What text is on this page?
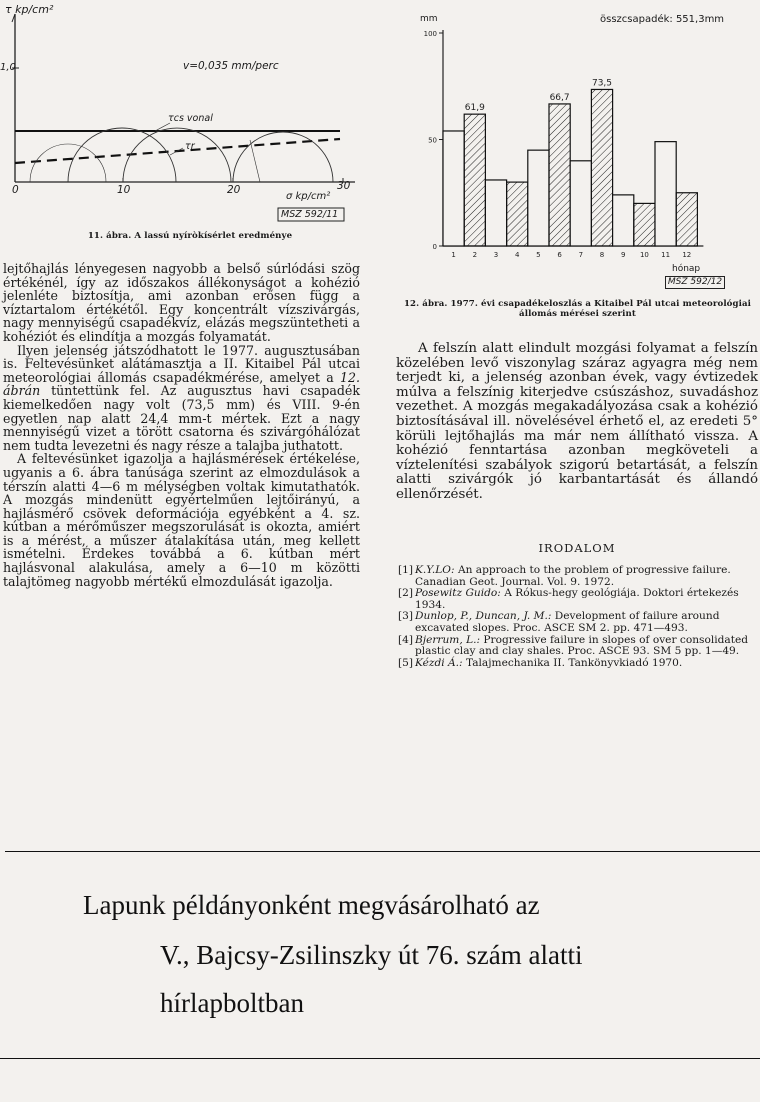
τ kp/cm²
1,0	v=0,035 mm/perc
τcs vonal
τr
0	10	20	30
σ kp/cm²
MSZ 592/11
11. ábra. A lassú nyíròkísérlet eredménye
0
50
100
1 2
61,9
3 4 5 6
66,7
7 8
73,5
9 10 11 12
összcsapadék: 551,3mm
mm
hónap
MSZ 592/12
12. ábra. 1977. évi csapadékeloszlás a Kitaibel Pál utcai meteorológiai
állomás mérései szerint

lejtőhajlás lényegesen nagyobb a belső súrlódási szög értékénél, így az időszakos állékonyságot a kohézió jelenléte biztosítja, ami azonban erősen függ a víztartalom értékétől. Egy koncentrált vízszivárgás, nagy mennyiségű csapadékvíz, elázás megszüntetheti a kohéziót és elindítja a mozgás folyamatát.

Ilyen jelenség játszódhatott le 1977. augusztusában is. Feltevésünket alátámasztja a II. Kitaibel Pál utcai meteorológiai állomás csapadékmérése, amelyet a 12. ábrán tüntettünk fel. Az augusztus havi csapadék kiemelkedően nagy volt (73,5 mm) és VIII. 9-én egyetlen nap alatt 24,4 mm-t mértek. Ezt a nagy mennyiségű vizet a törött csatorna és szivárgóhálózat nem tudta levezetni és nagy része a talajba juthatott.

A feltevésünket igazolja a hajlásmérések értékelése, ugyanis a 6. ábra tanúsága szerint az elmozdulások a térszín alatti 4—6 m mélységben voltak kimutathatók. A mozgás mindenütt egyértelműen lejtőirányú, a hajlásmérő csövek deformációja egyébként a 4. sz. kútban a mérőműszer megszorulását is okozta, amiért is a mérést, a műszer átalakítása után, meg kellett ismételni. Érdekes továbbá a 6. kútban mért hajlásvonal alakulása, amely a 6—10 m közötti talajtömeg nagyobb mértékű elmozdulását igazolja.

A felszín alatt elindult mozgási folyamat a felszín közelében levő viszonylag száraz agyagra még nem terjedt ki, a jelenség azonban évek, vagy évtizedek múlva a felszínig kiterjedve csúszáshoz, suvadáshoz vezethet. A mozgás megakadályozása csak a kohézió biztosításával ill. növelésével érhető el, az eredeti 5° körüli lejtőhajlás ma már nem állítható vissza. A kohézió fenntartása azonban megköveteli a víztelenítési szabályok szigorú betartását, a felszín alatti szivárgók jó karbantartását és állandó ellenőrzését.

IRODALOM
[1] K.Y.LO: An approach to the problem of progressive failure. Canadian Geot. Journal. Vol. 9. 1972.
[2] Posewitz Guido: A Rókus-hegy geológiája. Doktori értekezés 1934.
[3] Dunlop, P., Duncan, J. M.: Development of failure around excavated slopes. Proc. ASCE SM 2. pp. 471—493.
[4] Bjerrum, L.: Progressive failure in slopes of over consolidated plastic clay and clay shales. Proc. ASCE 93. SM 5 pp. 1—49.
[5] Kézdi Á.: Talajmechanika II. Tankönyvkiadó 1970.
Lapunk példányonként megvásárolható az
V., Bajcsy-Zsilinszky út 76. szám alatti
hírlapboltban
